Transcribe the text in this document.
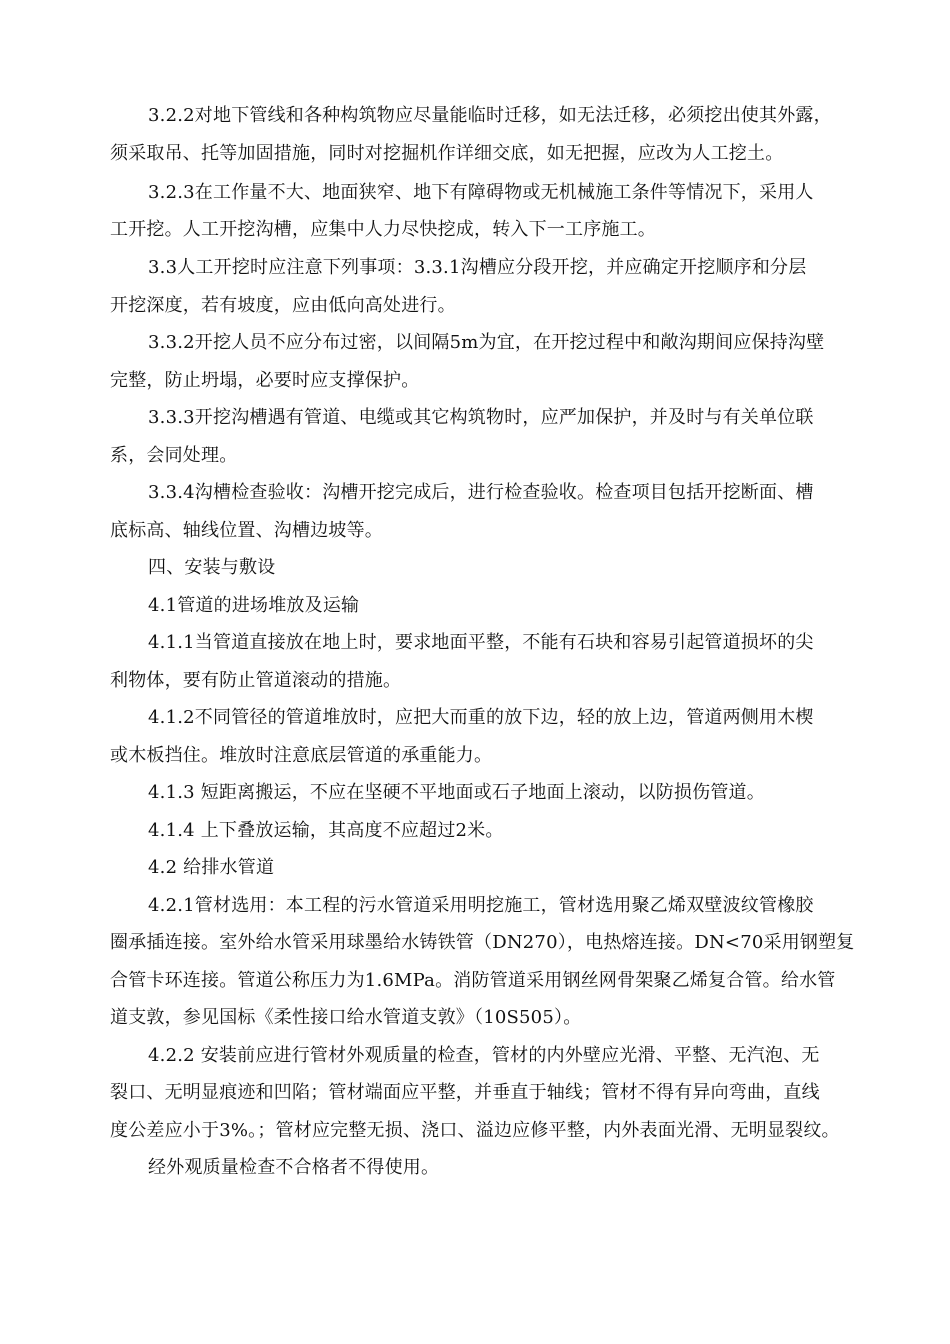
3.2.2对地下管线和各种构筑物应尽量能临时迁移，如无法迁移，必须挖出使其外露，
须采取吊、托等加固措施，同时对挖掘机作详细交底，如无把握，应改为人工挖土。
3.2.3在工作量不大、地面狭窄、地下有障碍物或无机械施工条件等情况下，采用人
工开挖。人工开挖沟槽，应集中人力尽快挖成，转入下一工序施工。
3.3人工开挖时应注意下列事项：3.3.1沟槽应分段开挖，并应确定开挖顺序和分层
开挖深度，若有坡度，应由低向高处进行。
3.3.2开挖人员不应分布过密，以间隔5m为宜，在开挖过程中和敞沟期间应保持沟壁
完整，防止坍塌，必要时应支撑保护。
3.3.3开挖沟槽遇有管道、电缆或其它构筑物时，应严加保护，并及时与有关单位联
系，会同处理。
3.3.4沟槽检查验收：沟槽开挖完成后，进行检查验收。检查项目包括开挖断面、槽
底标高、轴线位置、沟槽边坡等。
四、安装与敷设
4.1管道的进场堆放及运输
4.1.1当管道直接放在地上时，要求地面平整，不能有石块和容易引起管道损坏的尖
利物体，要有防止管道滚动的措施。
4.1.2不同管径的管道堆放时，应把大而重的放下边，轻的放上边，管道两侧用木楔
或木板挡住。堆放时注意底层管道的承重能力。
4.1.3 短距离搬运，不应在坚硬不平地面或石子地面上滚动，以防损伤管道。
4.1.4 上下叠放运输，其高度不应超过2米。
4.2 给排水管道
4.2.1管材选用：本工程的污水管道采用明挖施工，管材选用聚乙烯双壁波纹管橡胶
圈承插连接。室外给水管采用球墨给水铸铁管（DN270），电热熔连接。DN<70采用钢塑复
合管卡环连接。管道公称压力为1.6MPa。消防管道采用钢丝网骨架聚乙烯复合管。给水管
道支敦，参见国标《柔性接口给水管道支敦》（10S505）。
4.2.2 安装前应进行管材外观质量的检查，管材的内外壁应光滑、平整、无汽泡、无
裂口、无明显痕迹和凹陷；管材端面应平整，并垂直于轴线；管材不得有异向弯曲，直线
度公差应小于3%。；管材应完整无损、浇口、溢边应修平整，内外表面光滑、无明显裂纹。
经外观质量检查不合格者不得使用。
